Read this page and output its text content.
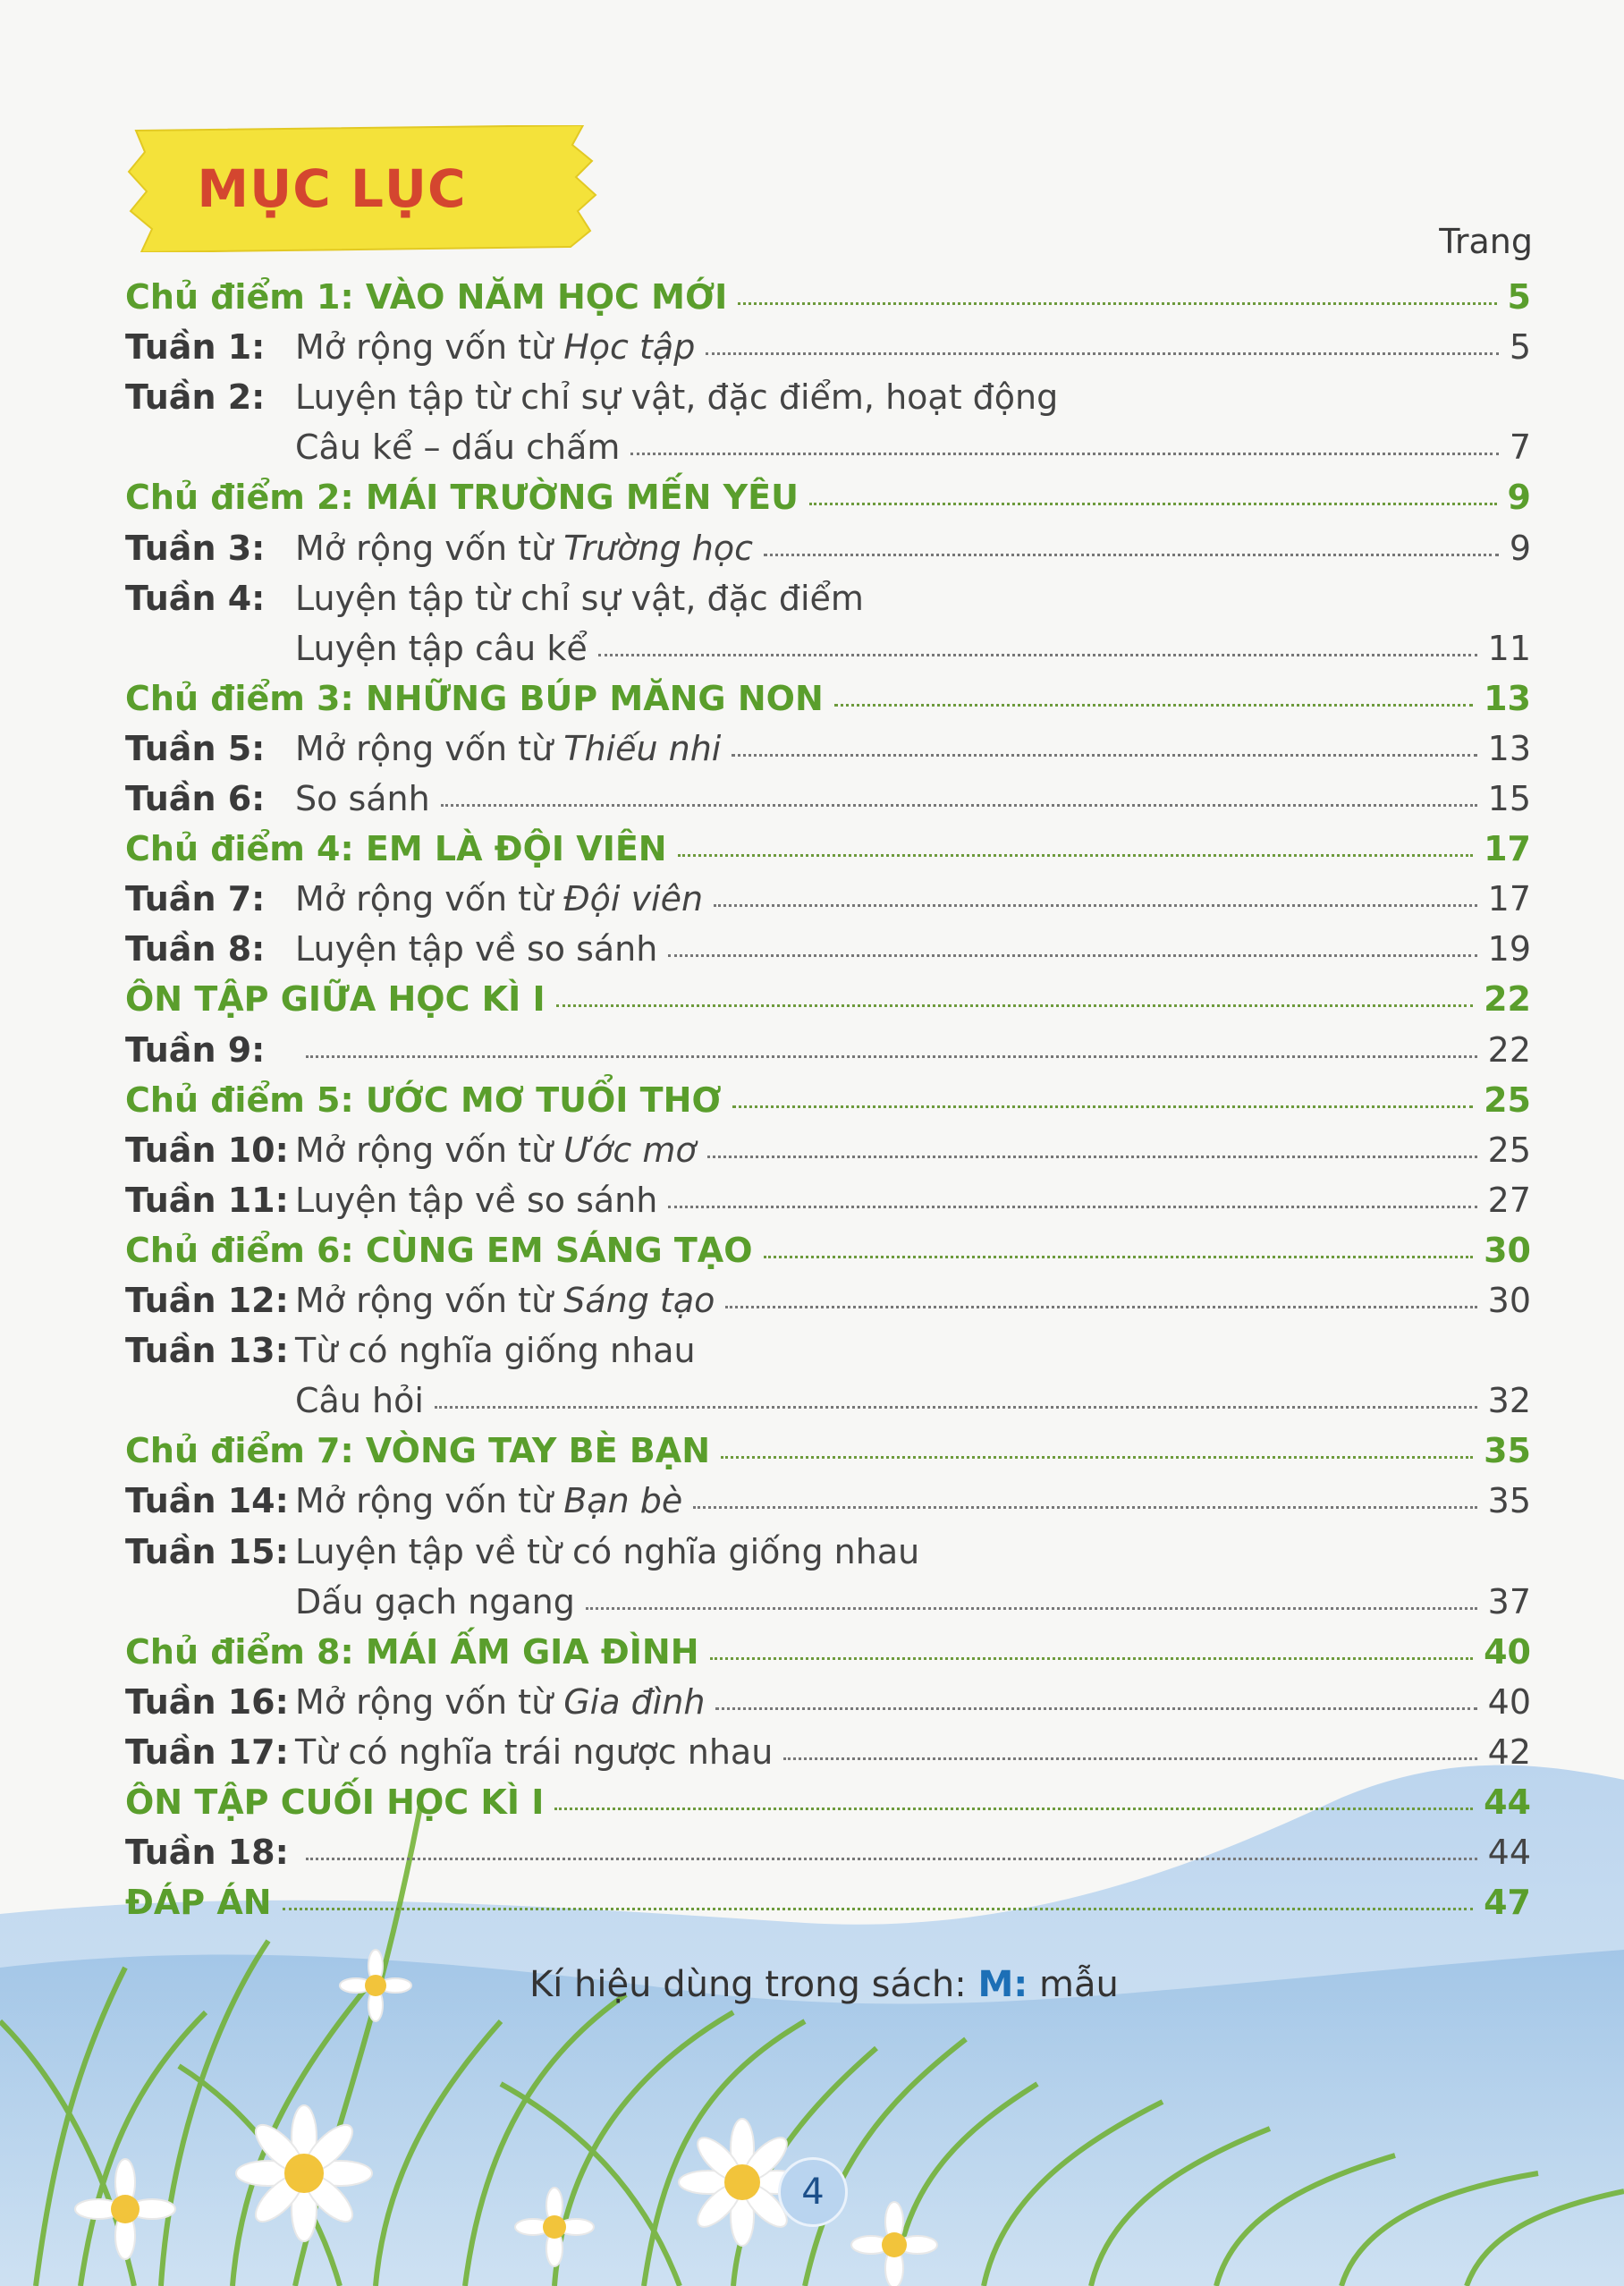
MỤC LỤC
Trang
Chủ điểm 1: VÀO NĂM HỌC MỚI	5
Tuần 1: Mở rộng vốn từ Học tập	5
Tuần 2: Luyện tập từ chỉ sự vật, đặc điểm, hoạt động
Câu kể – dấu chấm	7
Chủ điểm 2: MÁI TRƯỜNG MẾN YÊU	9
Tuần 3: Mở rộng vốn từ Trường học	9
Tuần 4: Luyện tập từ chỉ sự vật, đặc điểm
Luyện tập câu kể	11
Chủ điểm 3: NHỮNG BÚP MĂNG NON	13
Tuần 5: Mở rộng vốn từ Thiếu nhi	13
Tuần 6: So sánh	15
Chủ điểm 4: EM LÀ ĐỘI VIÊN	17
Tuần 7: Mở rộng vốn từ Đội viên	17
Tuần 8: Luyện tập về so sánh	19
ÔN TẬP GIỮA HỌC KÌ I	22
Tuần 9:	22
Chủ điểm 5: ƯỚC MƠ TUỔI THƠ	25
Tuần 10: Mở rộng vốn từ Ước mơ	25
Tuần 11: Luyện tập về so sánh	27
Chủ điểm 6: CÙNG EM SÁNG TẠO	30
Tuần 12: Mở rộng vốn từ Sáng tạo	30
Tuần 13: Từ có nghĩa giống nhau
Câu hỏi	32
Chủ điểm 7: VÒNG TAY BÈ BẠN	35
Tuần 14: Mở rộng vốn từ Bạn bè	35
Tuần 15: Luyện tập về từ có nghĩa giống nhau
Dấu gạch ngang	37
Chủ điểm 8: MÁI ẤM GIA ĐÌNH	40
Tuần 16: Mở rộng vốn từ Gia đình	40
Tuần 17: Từ có nghĩa trái ngược nhau	42
ÔN TẬP CUỐI HỌC KÌ I	44
Tuần 18:	44
ĐÁP ÁN	47
Kí hiệu dùng trong sách: M: mẫu
4
